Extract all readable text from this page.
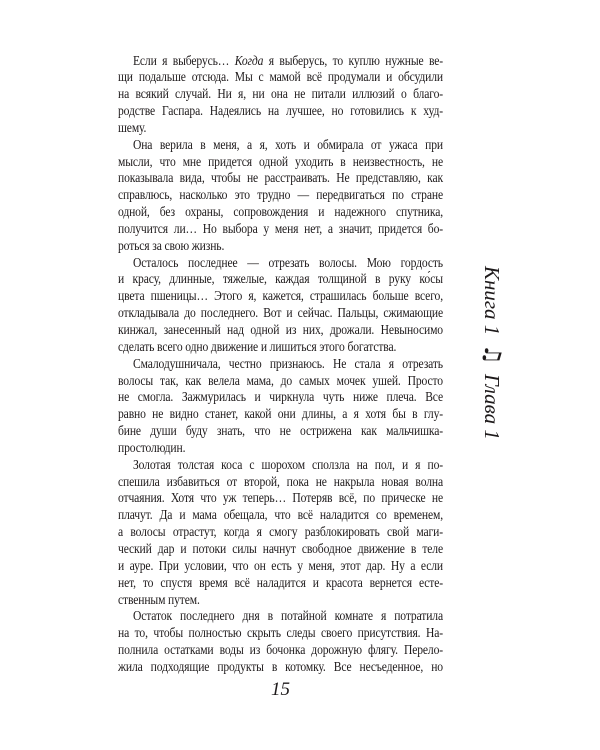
Если я выберусь… Когда я выберусь, то куплю нужные ве-
щи подальше отсюда. Мы с мамой всё продумали и обсудили
на всякий случай. Ни я, ни она не питали иллюзий о благо-
родстве Гаспара. Надеялись на лучшее, но готовились к худ-
шему.
Она верила в меня, а я, хоть и обмирала от ужаса при
мысли, что мне придется одной уходить в неизвестность, не
показывала вида, чтобы не расстраивать. Не представляю, как
справлюсь, насколько это трудно — передвигаться по стране
одной, без охраны, сопровождения и надежного спутника,
получится ли… Но выбора у меня нет, а значит, придется бо-
роться за свою жизнь.
Осталось последнее — отрезать волосы. Мою гордость
и красу, длинные, тяжелые, каждая толщиной в руку ко́сы
цвета пшеницы… Этого я, кажется, страшилась больше всего,
откладывала до последнего. Вот и сейчас. Пальцы, сжимающие
кинжал, занесенный над одной из них, дрожали. Невыносимо
сделать всего одно движение и лишиться этого богатства.
Смалодушничала, честно признаюсь. Не стала я отрезать
волосы так, как велела мама, до самых мочек ушей. Просто
не смогла. Зажмурилась и чиркнула чуть ниже плеча. Все
равно не видно станет, какой они длины, а я хотя бы в глу-
бине души буду знать, что не острижена как мальчишка-
простолюдин.
Золотая толстая коса с шорохом сползла на пол, и я по-
спешила избавиться от второй, пока не накрыла новая волна
отчаяния. Хотя что уж теперь… Потеряв всё, по прическе не
плачут. Да и мама обещала, что всё наладится со временем,
а волосы отрастут, когда я смогу разблокировать свой маги-
ческий дар и потоки силы начнут свободное движение в теле
и ауре. При условии, что он есть у меня, этот дар. Ну а если
нет, то спустя время всё наладится и красота вернется есте-
ственным путем.
Остаток последнего дня в потайной комнате я потратила
на то, чтобы полностью скрыть следы своего присутствия. На-
полнила остатками воды из бочонка дорожную флягу. Перело-
жила подходящие продукты в котомку. Все несъеденное, но
Книга 1♫Глава 1
15
